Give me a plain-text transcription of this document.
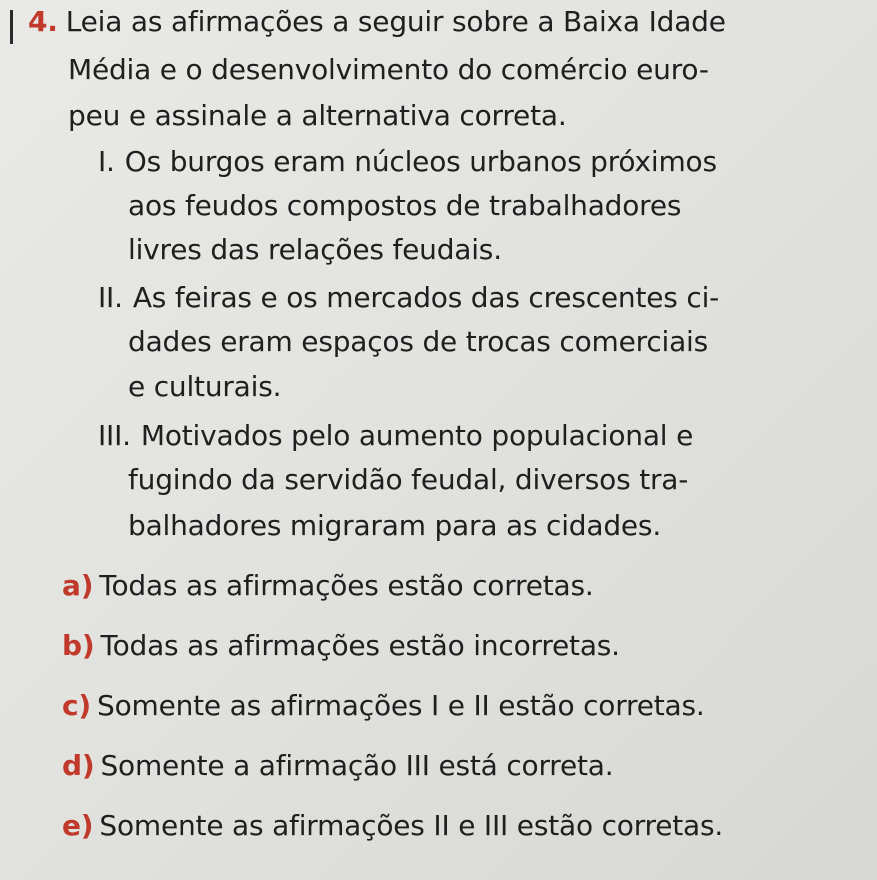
4. Leia as afirmações a seguir sobre a Baixa Idade
Média e o desenvolvimento do comércio euro-
peu e assinale a alternativa correta.
I. Os burgos eram núcleos urbanos próximos
aos feudos compostos de trabalhadores
livres das relações feudais.
II. As feiras e os mercados das crescentes ci-
dades eram espaços de trocas comerciais
e culturais.
III. Motivados pelo aumento populacional e
fugindo da servidão feudal, diversos tra-
balhadores migraram para as cidades.
a) Todas as afirmações estão corretas.
b) Todas as afirmações estão incorretas.
c) Somente as afirmações I e II estão corretas.
d) Somente a afirmação III está correta.
e) Somente as afirmações II e III estão corretas.
